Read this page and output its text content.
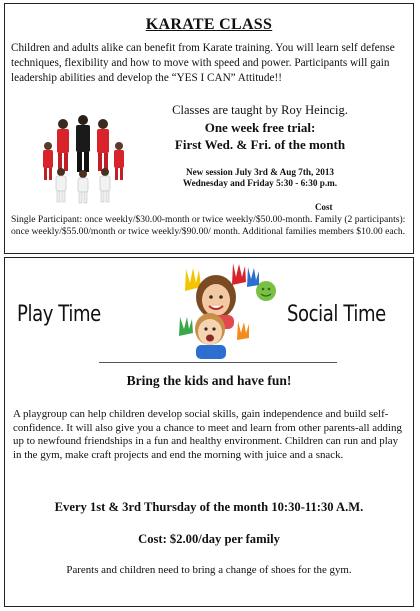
KARATE CLASS

Children and adults alike can benefit from Karate training. You will learn self defense techniques, flexibility and how to move with speed and power. Participants will gain leadership abilities and develop the “YES I CAN” Attitude!!

Classes are taught by Roy Heincig.
One week free trial:
First Wed. & Fri. of the month
New session July 3rd & Aug 7th, 2013
Wednesday and Friday 5:30 - 6:30 p.m.
Cost

Single Participant: once weekly/$30.00-month or twice weekly/$50.00-month. Family (2 participants): once weekly/$55.00/month or twice weekly/$90.00/ month. Additional families members $10.00 each.

Play Time	Social Time
Bring the kids and have fun!

A playgroup can help children develop social skills, gain independence and build self-confidence. It will also give you a chance to meet and learn from other parents-all adding up to newfound friendships in a fun and healthy environment. Children can run and play in the gym, make craft projects and end the morning with juice and a snack.

Every 1st & 3rd Thursday of the month 10:30-11:30 A.M.
Cost: $2.00/day per family
Parents and children need to bring a change of shoes for the gym.
